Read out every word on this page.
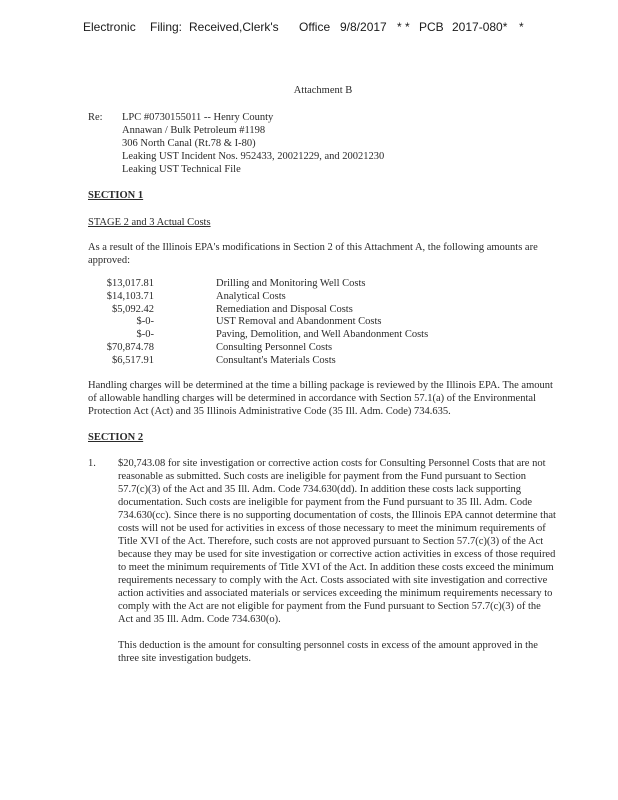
Electronic Filing: Received,Clerk's Office 9/8/2017 * * PCB 2017-080* *
Attachment B
Re:	LPC #0730155011 -- Henry County
Annawan / Bulk Petroleum #1198
306 North Canal (Rt.78 & I-80)
Leaking UST Incident Nos. 952433, 20021229, and 20021230
Leaking UST Technical File
SECTION 1
STAGE 2 and 3 Actual Costs

As a result of the Illinois EPA's modifications in Section 2 of this Attachment A, the following amounts are approved:

$13,017.81	Drilling and Monitoring Well Costs
$14,103.71	Analytical Costs
$5,092.42	Remediation and Disposal Costs
$-0-	UST Removal and Abandonment Costs
$-0-	Paving, Demolition, and Well Abandonment Costs
$70,874.78	Consulting Personnel Costs
$6,517.91	Consultant's Materials Costs

Handling charges will be determined at the time a billing package is reviewed by the Illinois EPA. The amount of allowable handling charges will be determined in accordance with Section 57.1(a) of the Environmental Protection Act (Act) and 35 Illinois Administrative Code (35 Ill. Adm. Code) 734.635.

SECTION 2
1.	$20,743.08 for site investigation or corrective action costs for Consulting Personnel Costs that are not reasonable as submitted. Such costs are ineligible for payment from the Fund pursuant to Section 57.7(c)(3) of the Act and 35 Ill. Adm. Code 734.630(dd). In addition these costs lack supporting documentation. Such costs are ineligible for payment from the Fund pursuant to 35 Ill. Adm. Code 734.630(cc). Since there is no supporting documentation of costs, the Illinois EPA cannot determine that costs will not be used for activities in excess of those necessary to meet the minimum requirements of Title XVI of the Act. Therefore, such costs are not approved pursuant to Section 57.7(c)(3) of the Act because they may be used for site investigation or corrective action activities in excess of those required to meet the minimum requirements of Title XVI of the Act. In addition these costs exceed the minimum requirements necessary to comply with the Act. Costs associated with site investigation and corrective action activities and associated materials or services exceeding the minimum requirements necessary to comply with the Act are not eligible for payment from the Fund pursuant to Section 57.7(c)(3) of the Act and 35 Ill. Adm. Code 734.630(o).

This deduction is the amount for consulting personnel costs in excess of the amount approved in the three site investigation budgets.
